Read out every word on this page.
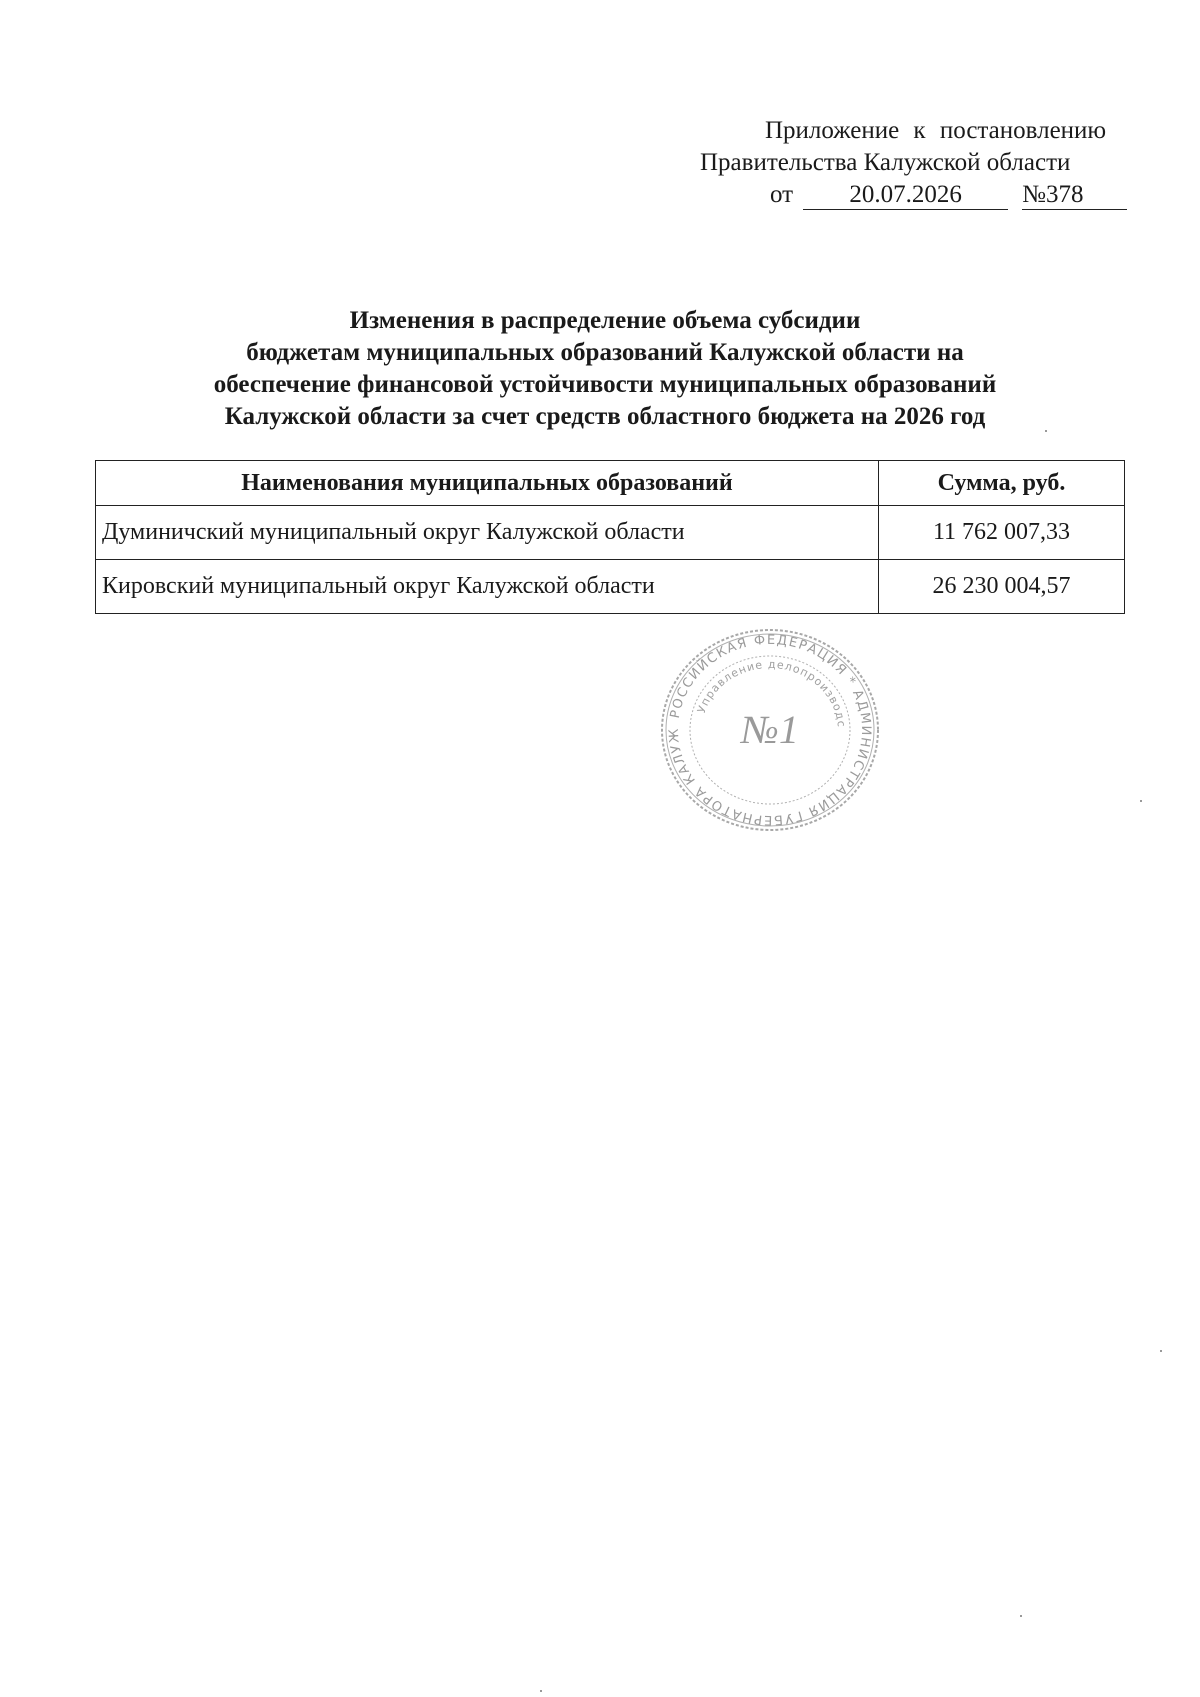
Приложение к постановлению
Правительства Калужской области
от 20.07.2026 №378
Изменения в распределение объема субсидии
бюджетам муниципальных образований Калужской области на
обеспечение финансовой устойчивости муниципальных образований
Калужской области за счет средств областного бюджета на 2026 год
Наименования муниципальных образований	Сумма, руб.
Думиничский муниципальный округ Калужской области	11 762 007,33
Кировский муниципальный округ Калужской области	26 230 004,57
РОССИЙСКАЯ ФЕДЕРАЦИЯ * АДМИНИСТРАЦИЯ ГУБЕРНАТОРА КАЛУЖ
Управление делопроизводс
№1
